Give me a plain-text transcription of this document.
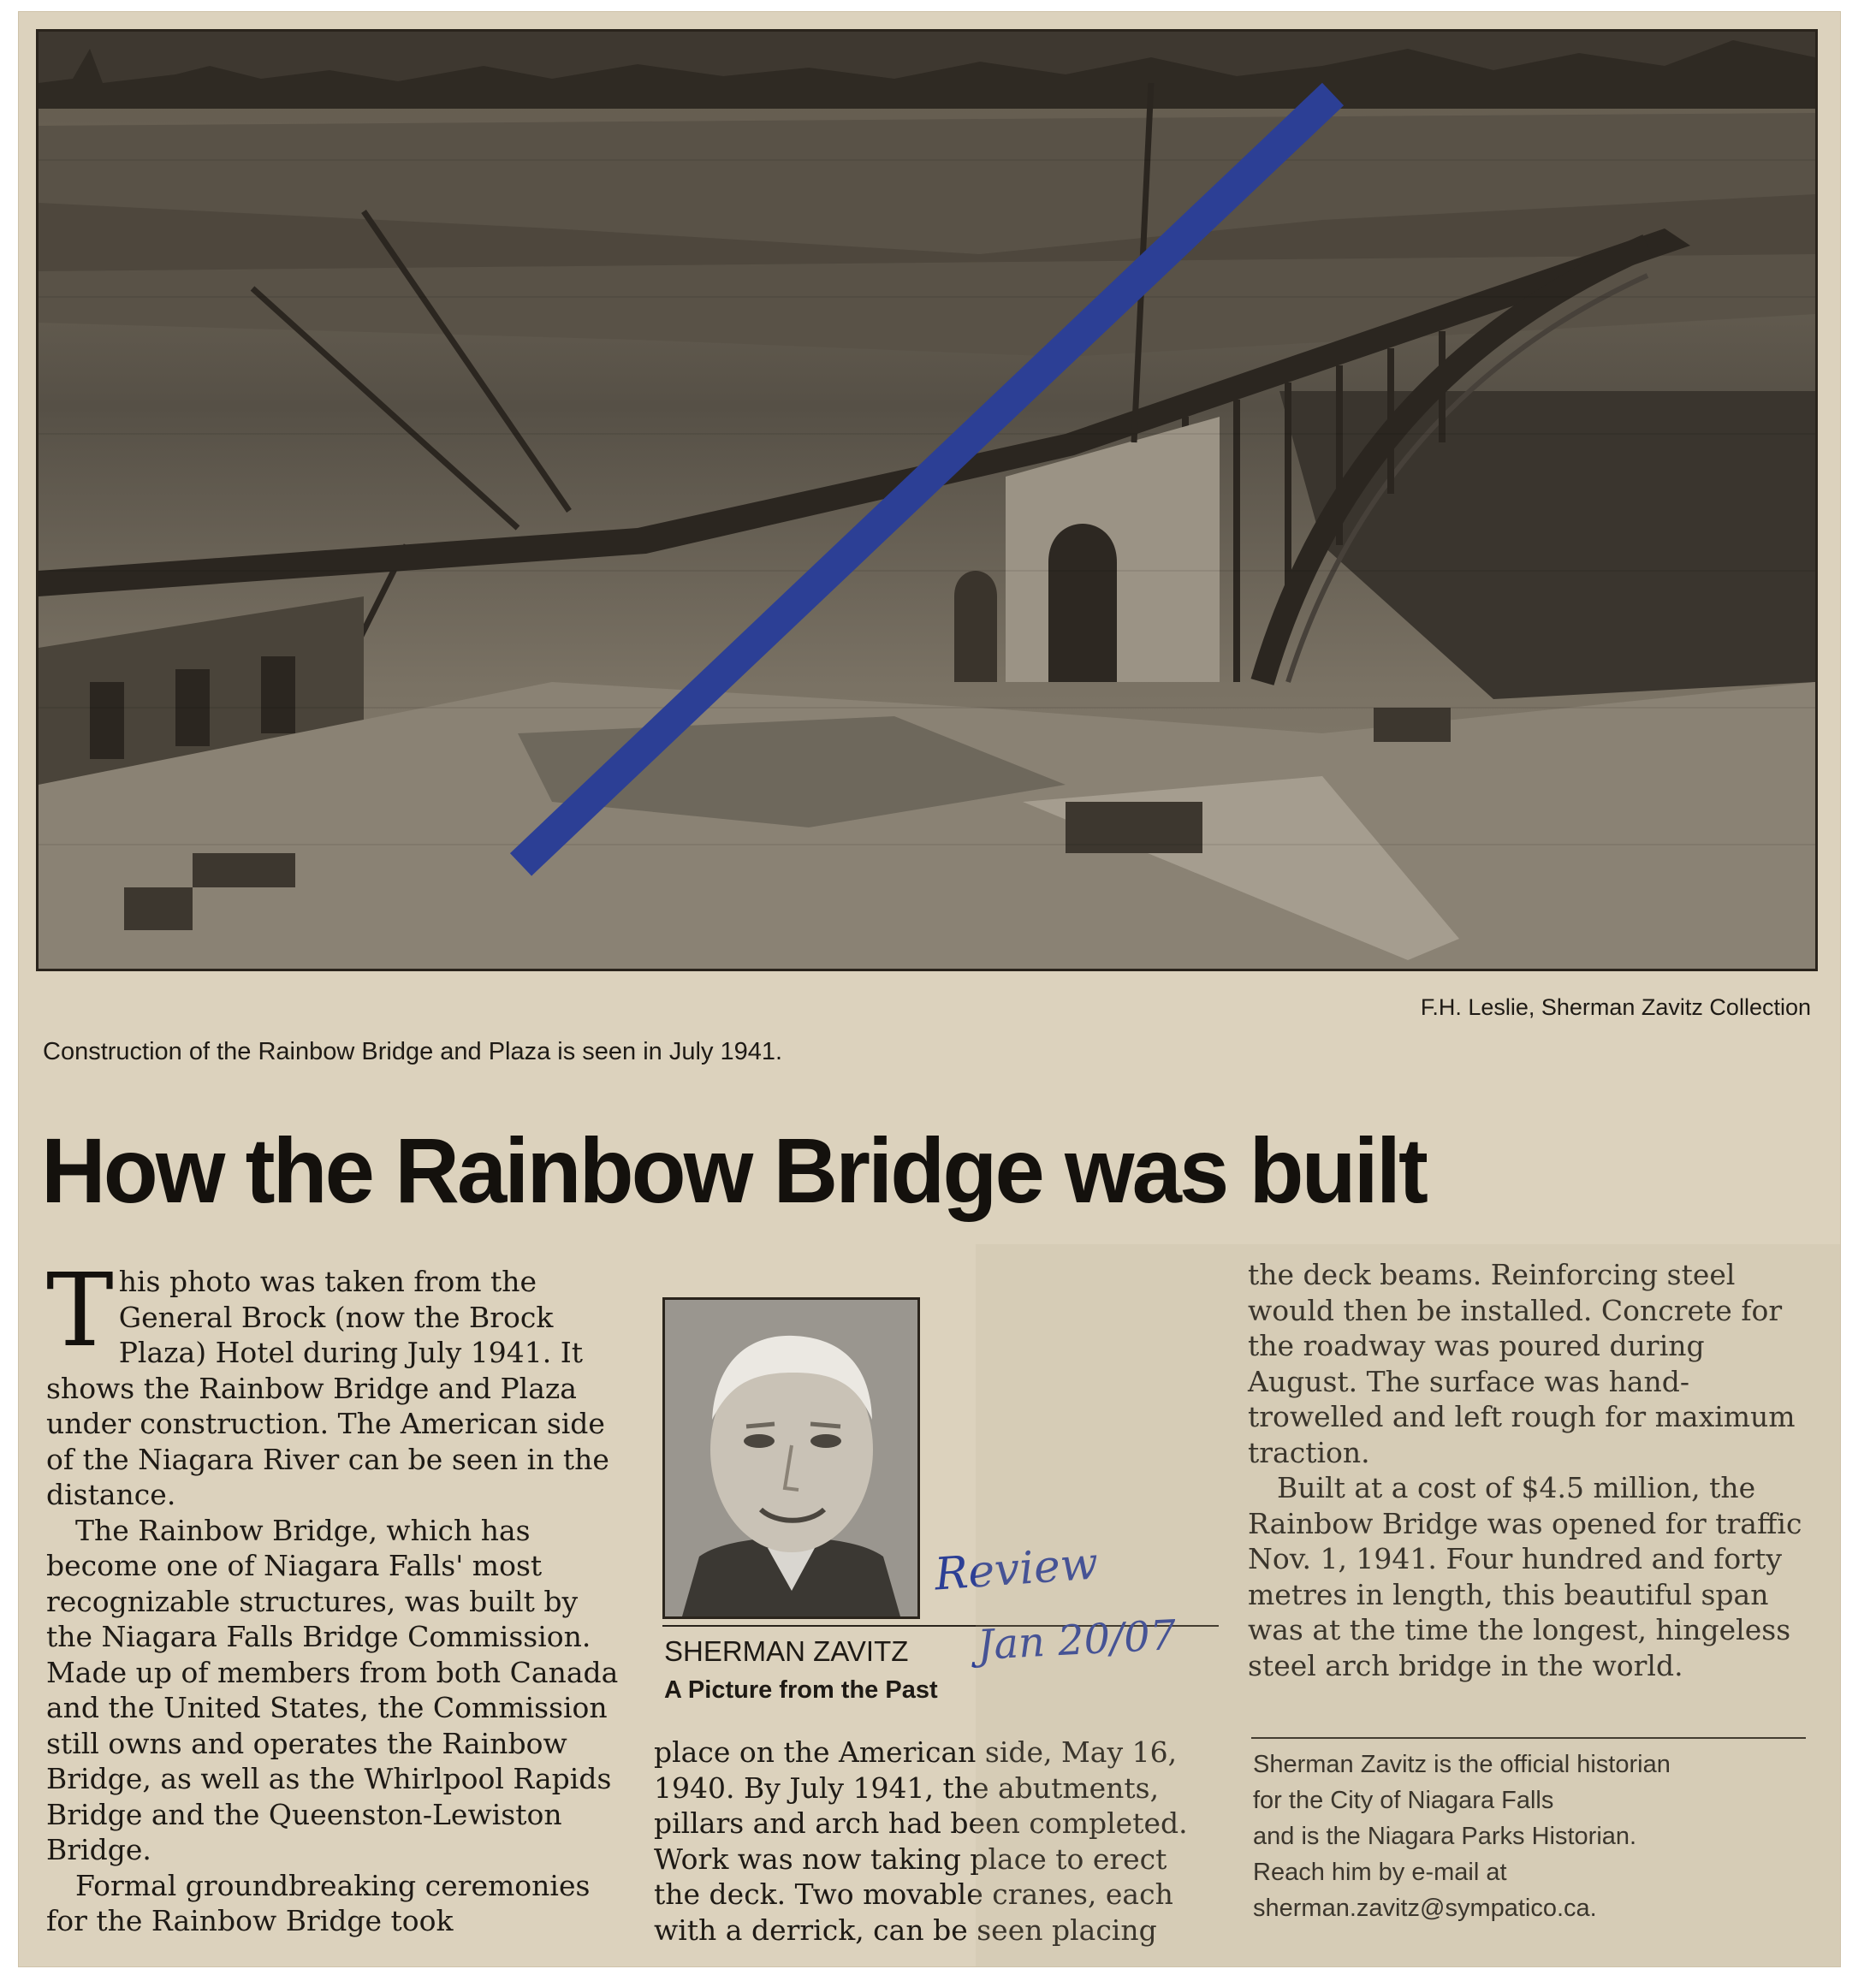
F.H. Leslie, Sherman Zavitz Collection
Construction of the Rainbow Bridge and Plaza is seen in July 1941.
How the Rainbow Bridge was built

This photo was taken from the General Brock (now the Brock Plaza) Hotel during July 1941. It shows the Rainbow Bridge and Plaza under construction. The American side of the Niagara River can be seen in the distance.

The Rainbow Bridge, which has become one of Niagara Falls' most recognizable structures, was built by the Niagara Falls Bridge Commission. Made up of members from both Canada and the United States, the Commission still owns and operates the Rainbow Bridge, as well as the Whirlpool Rapids Bridge and the Queenston-Lewiston Bridge.

Formal groundbreaking ceremonies for the Rainbow Bridge took

SHERMAN ZAVITZ
A Picture from the Past
Review
Jan 20/07

place on the American side, May 16, 1940. By July 1941, the abutments, pillars and arch had been completed. Work was now taking place to erect the deck. Two movable cranes, each with a derrick, can be seen placing

the deck beams. Reinforcing steel would then be installed. Concrete for the roadway was poured during August. The surface was hand-trowelled and left rough for maximum traction.

Built at a cost of $4.5 million, the Rainbow Bridge was opened for traffic Nov. 1, 1941. Four hundred and forty metres in length, this beautiful span was at the time the longest, hingeless steel arch bridge in the world.

Sherman Zavitz is the official historian
for the City of Niagara Falls
and is the Niagara Parks Historian.
Reach him by e-mail at
sherman.zavitz@sympatico.ca.
